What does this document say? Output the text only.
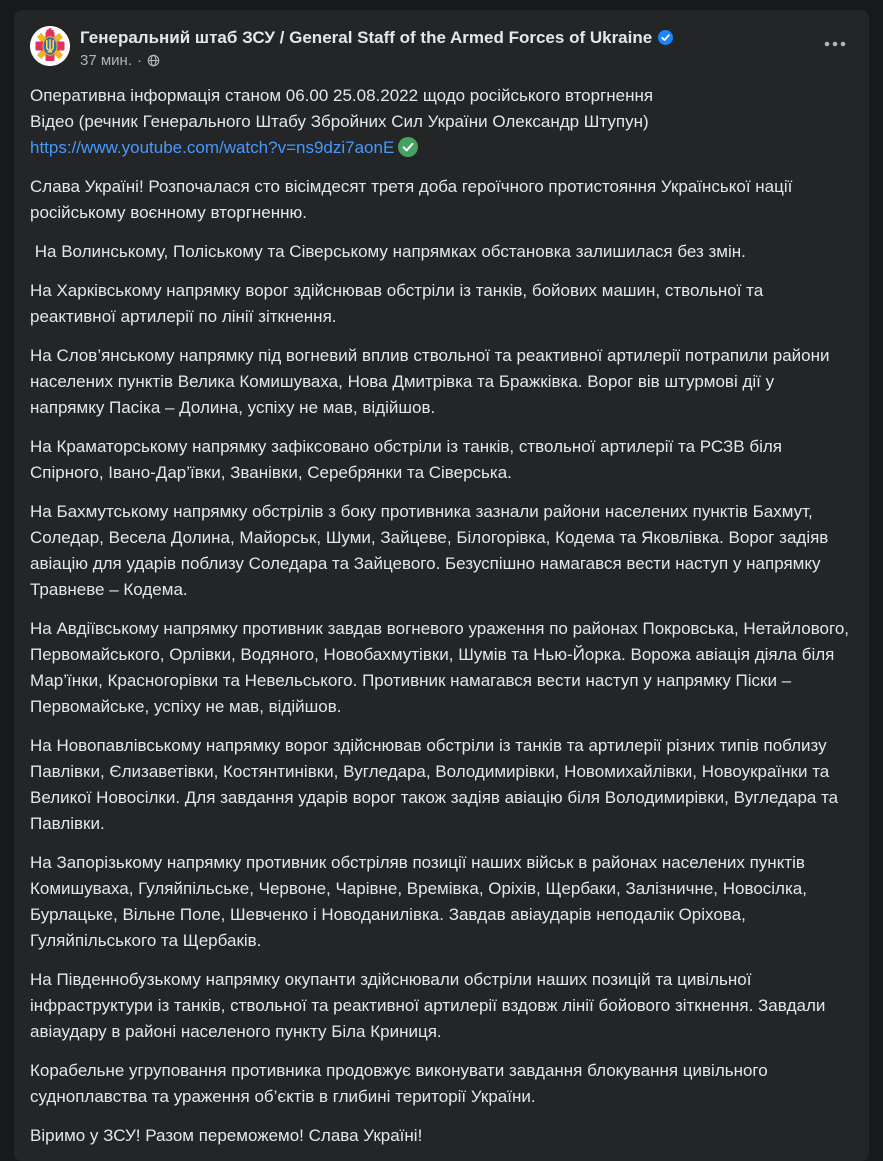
Генеральний штаб ЗСУ / General Staff of the Armed Forces of Ukraine
37 мин. ·

Оперативна інформація станом 06.00 25.08.2022 щодо російського вторгнення
Відео (речник Генерального Штабу Збройних Сил України Олександр Штупун)
https://www.youtube.com/watch?v=ns9dzi7aonE

Слава Україні! Розпочалася сто вісімдесят третя доба героїчного протистояння Української нації російському воєнному вторгненню.

На Волинському, Поліському та Сіверському напрямках обстановка залишилася без змін.

На Харківському напрямку ворог здійснював обстріли із танків, бойових машин, ствольної та реактивної артилерії по лінії зіткнення.

На Слов’янському напрямку під вогневий вплив ствольної та реактивної артилерії потрапили райони населених пунктів Велика Комишуваха, Нова Дмитрівка та Бражківка. Ворог вів штурмові дії у напрямку Пасіка – Долина, успіху не мав, відійшов.

На Краматорському напрямку зафіксовано обстріли із танків, ствольної артилерії та РСЗВ біля Спірного, Івано-Дар’ївки, Званівки, Серебрянки та Сіверська.

На Бахмутському напрямку обстрілів з боку противника зазнали райони населених пунктів Бахмут, Соледар, Весела Долина, Майорськ, Шуми, Зайцеве, Білогорівка, Кодема та Яковлівка. Ворог задіяв авіацію для ударів поблизу Соледара та Зайцевого. Безуспішно намагався вести наступ у напрямку Травневе – Кодема.

На Авдіївському напрямку противник завдав вогневого ураження по районах Покровська, Нетайлового, Первомайського, Орлівки, Водяного, Новобахмутівки, Шумів та Нью-Йорка. Ворожа авіація діяла біля Мар’їнки, Красногорівки та Невельського. Противник намагався вести наступ у напрямку Піски – Первомайське, успіху не мав, відійшов.

На Новопавлівському напрямку ворог здійснював обстріли із танків та артилерії різних типів поблизу Павлівки, Єлизаветівки, Костянтинівки, Вугледара, Володимирівки, Новомихайлівки, Новоукраїнки та Великої Новосілки. Для завдання ударів ворог також задіяв авіацію біля Володимирівки, Вугледара та Павлівки.

На Запорізькому напрямку противник обстріляв позиції наших військ в районах населених пунктів Комишуваха, Гуляйпільське, Червоне, Чарівне, Времівка, Оріхів, Щербаки, Залізничне, Новосілка, Бурлацьке, Вільне Поле, Шевченко і Новоданилівка. Завдав авіаударів неподалік Оріхова, Гуляйпільського та Щербаків.

На Південнобузькому напрямку окупанти здійснювали обстріли наших позицій та цивільної інфраструктури із танків, ствольної та реактивної артилерії вздовж лінії бойового зіткнення. Завдали авіаудару в районі населеного пункту Біла Криниця.

Корабельне угруповання противника продовжує виконувати завдання блокування цивільного судноплавства та ураження об’єктів в глибині території України.

Віримо у ЗСУ! Разом переможемо! Слава Україні!
